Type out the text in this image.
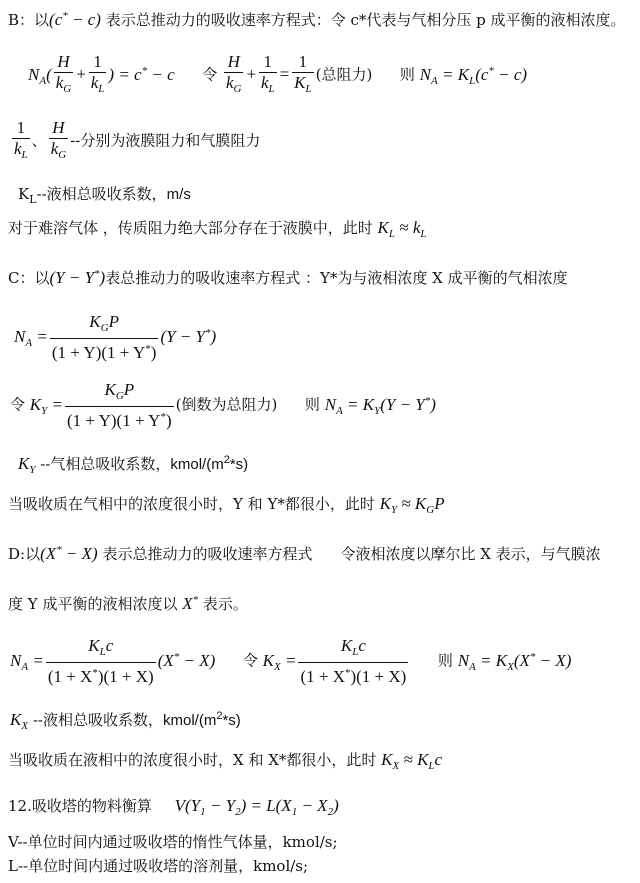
B：以(c* − c) 表示总推动力的吸收速率方程式：令 c*代表与气相分压 p 成平衡的液相浓度。
$N_A( \frac{H}{k_G} + \frac{1}{k_L}$ ) = c* − c 令 $\frac{H}{k_G} + \frac{1}{k_L} = \frac{1}{K_L}$ (总阻力) 则 $N_A = K_L(c^* - c)$
$\frac{1}{k_L}$ 、 $\frac{H}{k_G}$ --分别为液膜阻力和气膜阻力
$K_L--$液相总吸收系数，m/s
对于难溶气体 ，传质阻力绝大部分存在于液膜中，此时 $K_L \approx k_L$
C：以(Y − Y*)表总推动力的吸收速率方程式 ：Y*为与液相浓度 X 成平衡的气相浓度
$N_A = \frac{K_GP}{(1 + Y)(1 + Y^*)} (Y - Y^*)$
令 $K_Y = \frac{K_GP}{(1 + Y)(1 + Y^*)}$ (倒数为总阻力) 则 $N_A = K_Y(Y - Y^*)$
$K_Y$ --气相总吸收系数，kmol/$(m^2*s)$
当吸收质在气相中的浓度很小时，Y 和 Y*都很小，此时 $K_Y \approx K_GP$
D:以(X* − X) 表示总推动力的吸收速率方程式 令液相浓度以摩尔比 X 表示，与气膜浓
度 Y 成平衡的液相浓度以 X* 表示。
$N_A = \frac{K_Lc}{(1 + X^*)(1 + X)} (X^* - X)$ 令 $K_X = \frac{K_Lc}{(1 + X^*)(1 + X)}$ 则 $N_A = K_X(X^* - X)$
$K_X$ --液相总吸收系数，kmol/$(m^2*s)$
当吸收质在液相中的浓度很小时，X 和 X*都很小，此时 $K_X \approx K_Lc$
12.吸收塔的物料衡算 $V(Y_1 - Y_2) = L(X_1 - X_2)$
V--单位时间内通过吸收塔的惰性气体量，kmol/s;
L--单位时间内通过吸收塔的溶剂量，kmol/s;
